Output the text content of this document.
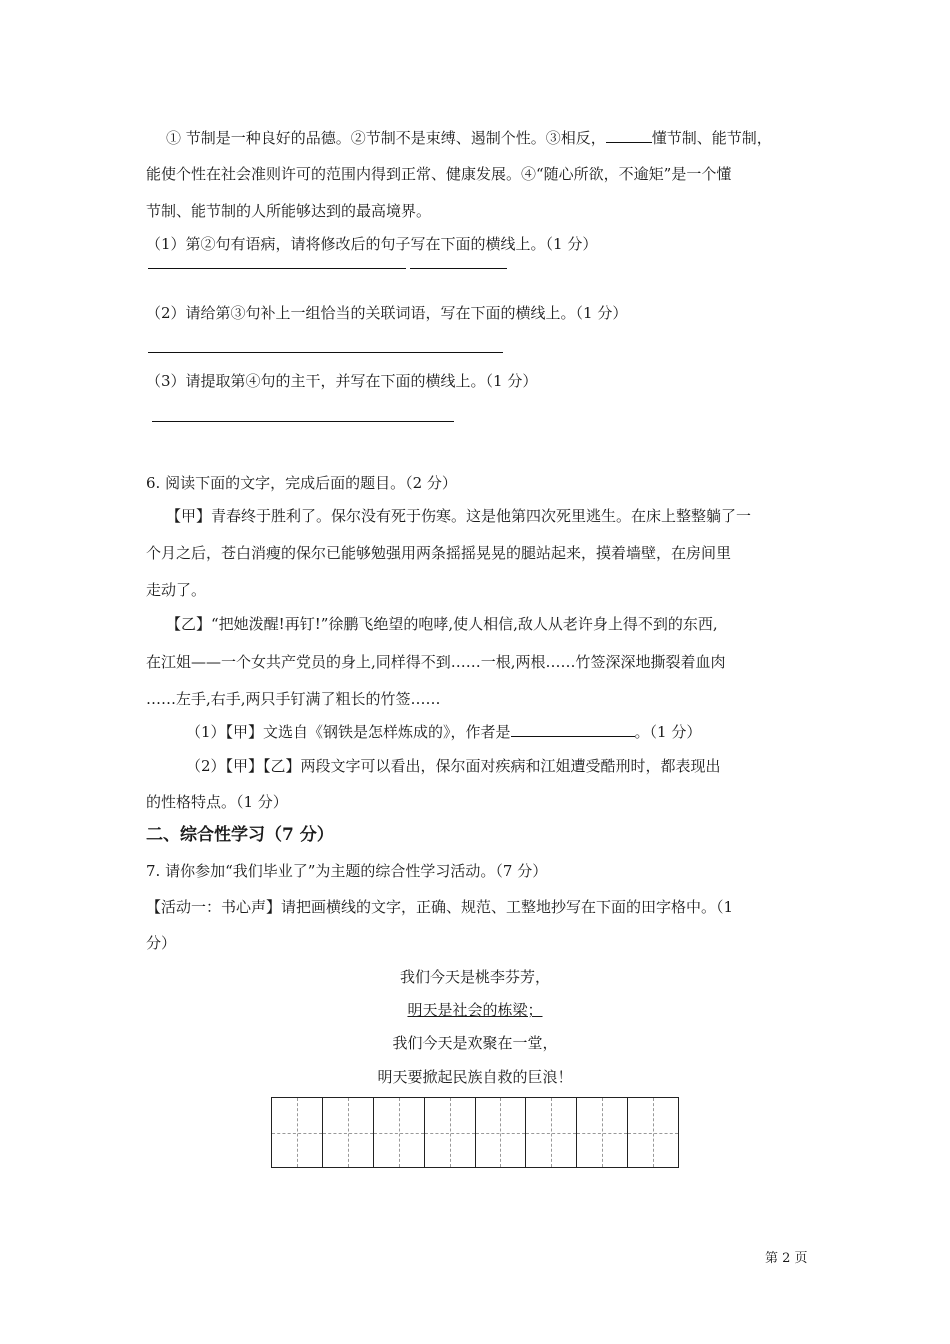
① 节制是一种良好的品德。②节制不是束缚、遏制个性。③相反，	懂节制、能节制，
能使个性在社会准则许可的范围内得到正常、健康发展。④“随心所欲，不逾矩”是一个懂
节制、能节制的人所能够达到的最高境界。
（1）第②句有语病，请将修改后的句子写在下面的横线上。（1 分）
（2）请给第③句补上一组恰当的关联词语，写在下面的横线上。（1 分）
（3）请提取第④句的主干，并写在下面的横线上。（1 分）
6. 阅读下面的文字，完成后面的题目。（2 分）
【甲】青春终于胜利了。保尔没有死于伤寒。这是他第四次死里逃生。在床上整整躺了一
个月之后，苍白消瘦的保尔已能够勉强用两条摇摇晃晃的腿站起来，摸着墙壁，在房间里
走动了。
【乙】“把她泼醒!再钉!”徐鹏飞绝望的咆哮,使人相信,敌人从老许身上得不到的东西,
在江姐——一个女共产党员的身上,同样得不到……一根,两根……竹签深深地撕裂着血肉
……左手,右手,两只手钉满了粗长的竹签……
（1）【甲】文选自《钢铁是怎样炼成的》，作者是	。（1 分）
（2）【甲】【乙】两段文字可以看出，保尔面对疾病和江姐遭受酷刑时，都表现出
的性格特点。（1 分）
二、综合性学习（7 分）
7. 请你参加“我们毕业了”为主题的综合性学习活动。（7 分）
【活动一：书心声】请把画横线的文字，正确、规范、工整地抄写在下面的田字格中。（1
分）
我们今天是桃李芬芳，
明天是社会的栋梁；
我们今天是欢聚在一堂，
明天要掀起民族自救的巨浪！
第 2 页
